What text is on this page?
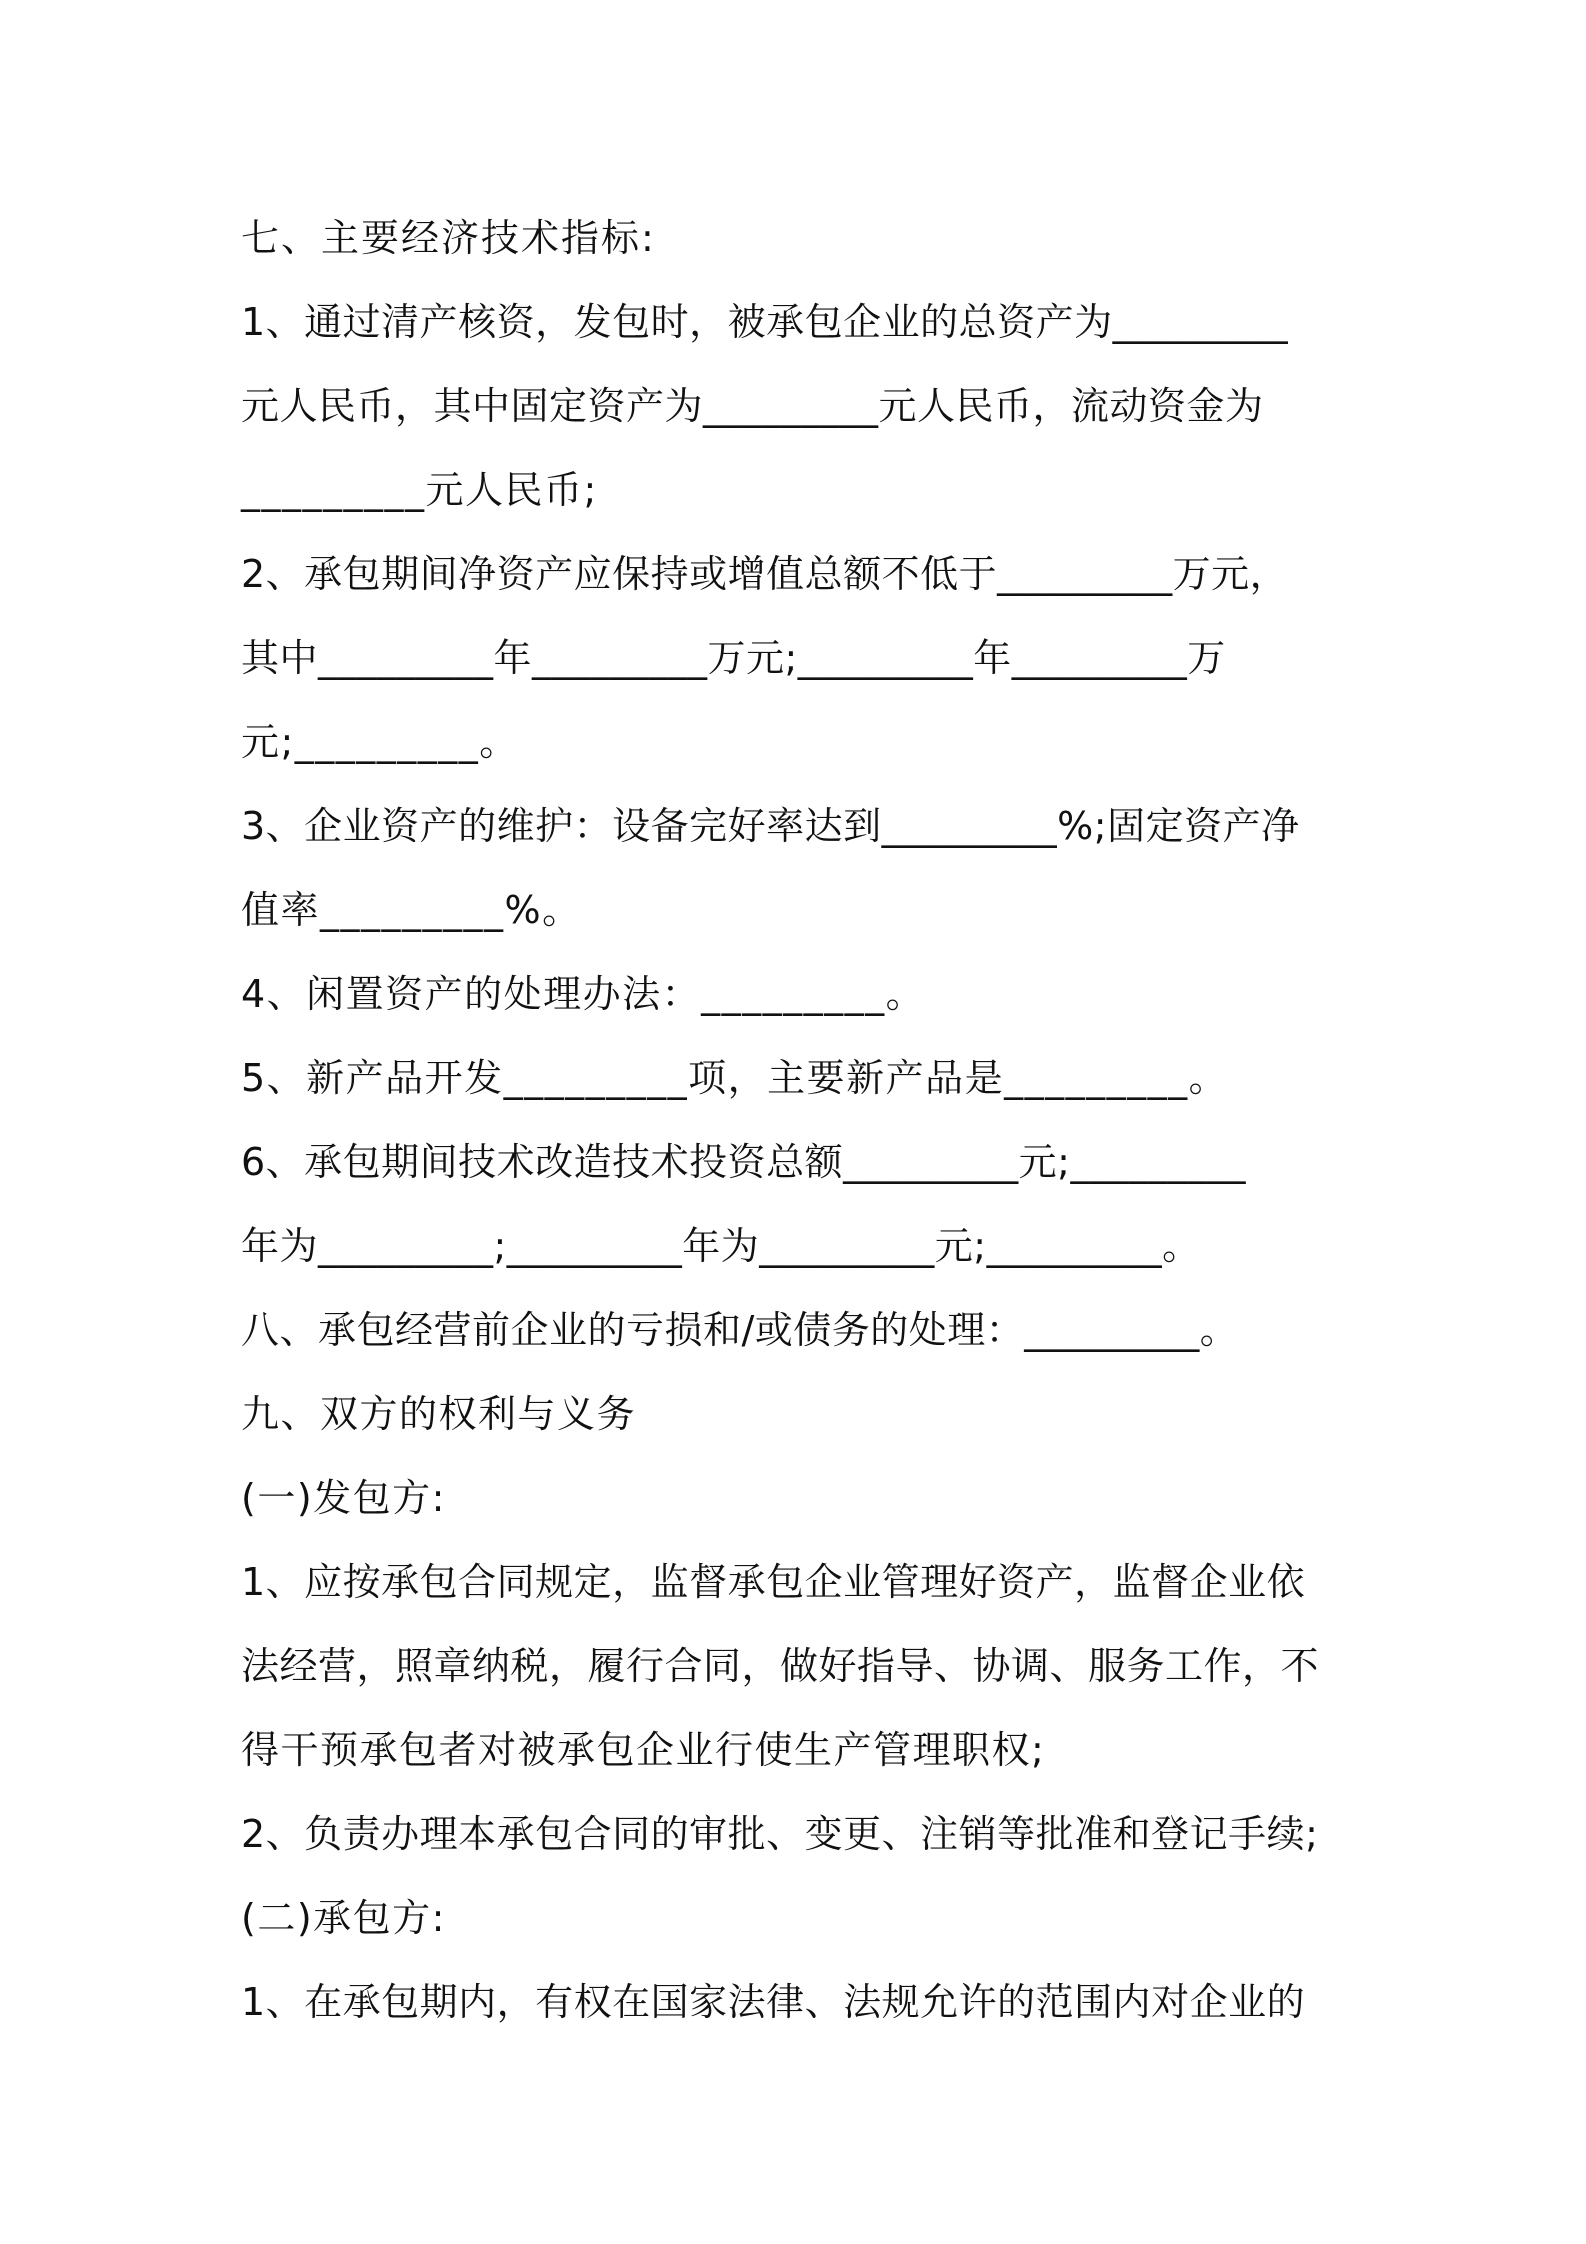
七、主要经济技术指标:
1、通过清产核资，发包时，被承包企业的总资产为_________
元人民币，其中固定资产为_________元人民币，流动资金为
_________元人民币;
2、承包期间净资产应保持或增值总额不低于_________万元，
其中_________年_________万元;_________年_________万
元;_________。
3、企业资产的维护：设备完好率达到_________%;固定资产净
值率_________%。
4、闲置资产的处理办法：_________。
5、新产品开发_________项，主要新产品是_________。
6、承包期间技术改造技术投资总额_________元;_________
年为_________;_________年为_________元;_________。
八、承包经营前企业的亏损和/或债务的处理：_________。
九、双方的权利与义务
(一)发包方:
1、应按承包合同规定，监督承包企业管理好资产，监督企业依
法经营，照章纳税，履行合同，做好指导、协调、服务工作，不
得干预承包者对被承包企业行使生产管理职权;
2、负责办理本承包合同的审批、变更、注销等批准和登记手续;
(二)承包方:
1、在承包期内，有权在国家法律、法规允许的范围内对企业的
